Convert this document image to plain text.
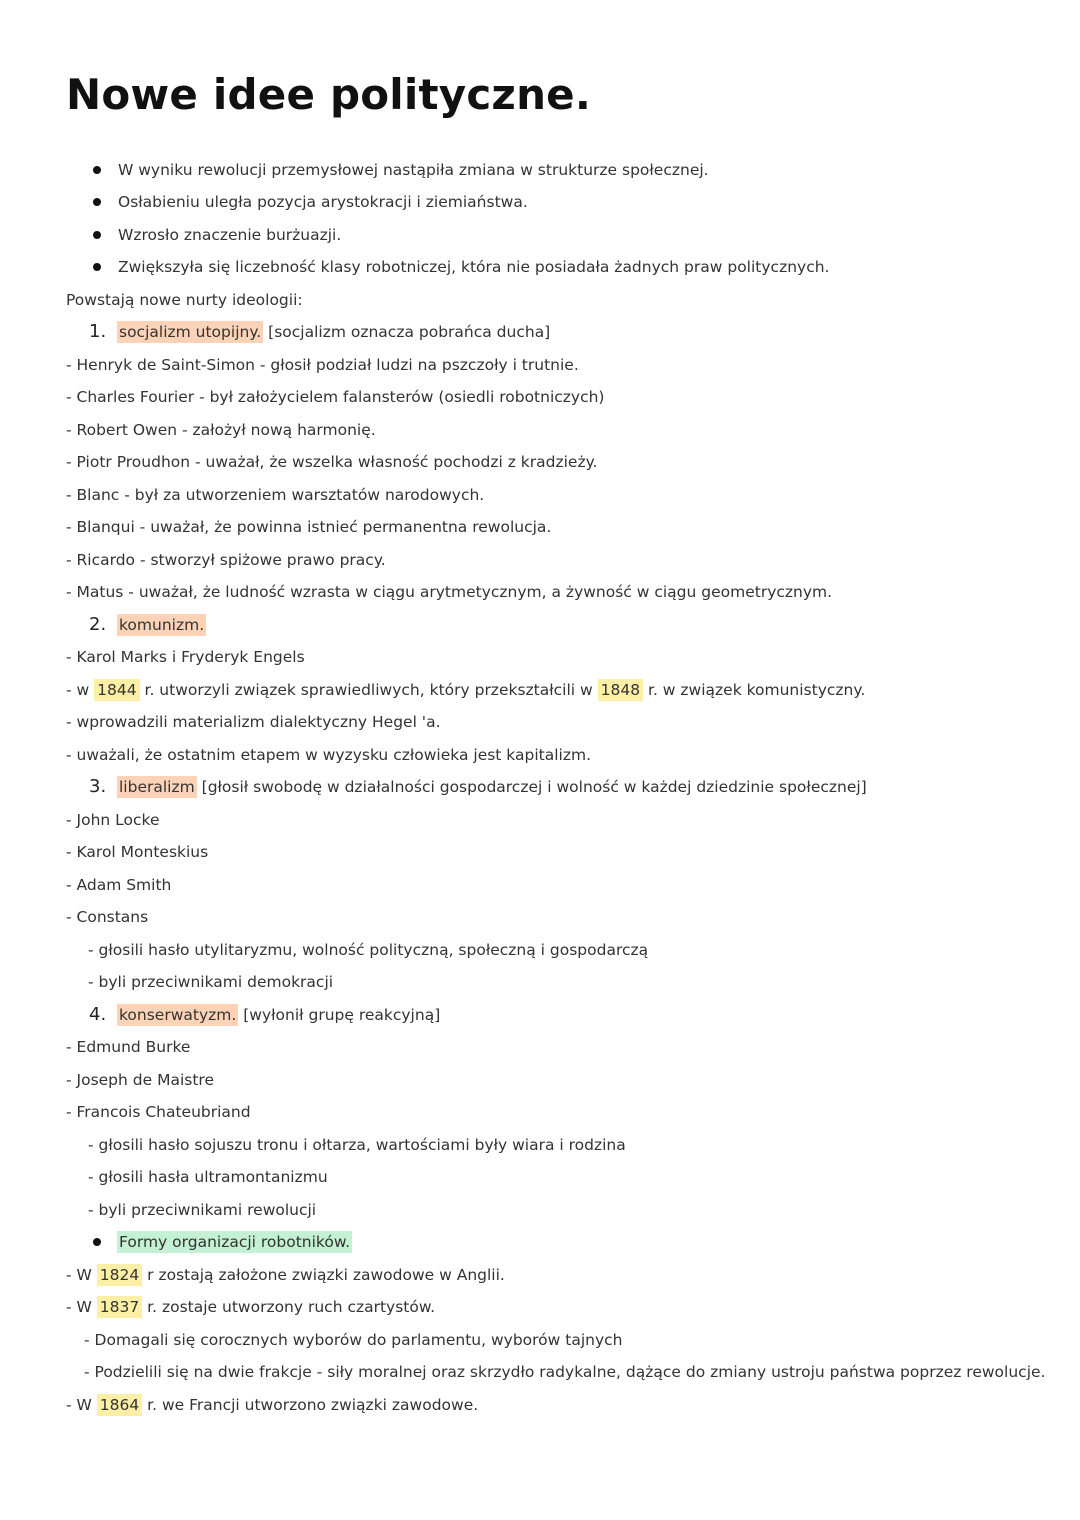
Nowe idee polityczne.
W wyniku rewolucji przemysłowej nastąpiła zmiana w strukturze społecznej.
Osłabieniu uległa pozycja arystokracji i ziemiaństwa.
Wzrosło znaczenie burżuazji.
Zwiększyła się liczebność klasy robotniczej, która nie posiadała żadnych praw politycznych.
Powstają nowe nurty ideologii:
1. socjalizm utopijny. [socjalizm oznacza pobrańca ducha]
- Henryk de Saint-Simon - głosił podział ludzi na pszczoły i trutnie.
- Charles Fourier - był założycielem falansterów (osiedli robotniczych)
- Robert Owen - założył nową harmonię.
- Piotr Proudhon - uważał, że wszelka własność pochodzi z kradzieży.
- Blanc - był za utworzeniem warsztatów narodowych.
- Blanqui - uważał, że powinna istnieć permanentna rewolucja.
- Ricardo - stworzył spiżowe prawo pracy.
- Matus - uważał, że ludność wzrasta w ciągu arytmetycznym, a żywność w ciągu geometrycznym.
2. komunizm.
- Karol Marks i Fryderyk Engels
- w 1844 r. utworzyli związek sprawiedliwych, który przekształcili w 1848 r. w związek komunistyczny.
- wprowadzili materializm dialektyczny Hegel 'a.
- uważali, że ostatnim etapem w wyzysku człowieka jest kapitalizm.
3. liberalizm [głosił swobodę w działalności gospodarczej i wolność w każdej dziedzinie społecznej]
- John Locke
- Karol Monteskius
- Adam Smith
- Constans
- głosili hasło utylitaryzmu, wolność polityczną, społeczną i gospodarczą
- byli przeciwnikami demokracji
4. konserwatyzm. [wyłonił grupę reakcyjną]
- Edmund Burke
- Joseph de Maistre
- Francois Chateubriand
- głosili hasło sojuszu tronu i ołtarza, wartościami były wiara i rodzina
- głosili hasła ultramontanizmu
- byli przeciwnikami rewolucji
Formy organizacji robotników.
- W 1824 r zostają założone związki zawodowe w Anglii.
- W 1837 r. zostaje utworzony ruch czartystów.
- Domagali się corocznych wyborów do parlamentu, wyborów tajnych
- Podzielili się na dwie frakcje - siły moralnej oraz skrzydło radykalne, dążące do zmiany ustroju państwa poprzez rewolucje.
- W 1864 r. we Francji utworzono związki zawodowe.
